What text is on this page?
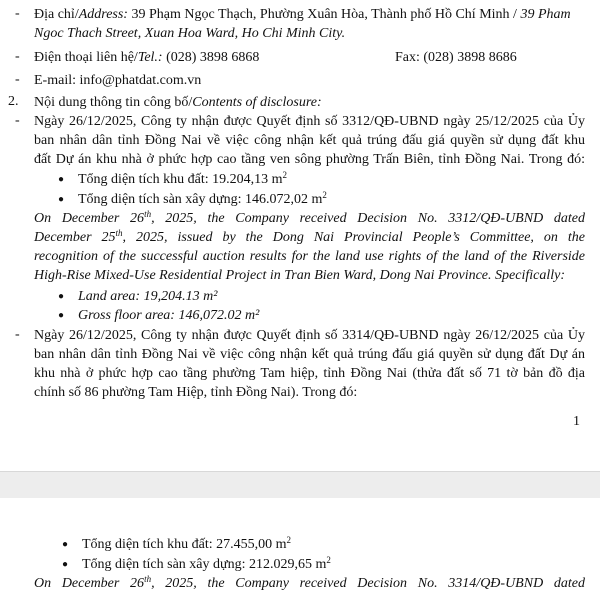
- Địa chỉ/Address: 39 Phạm Ngọc Thạch, Phường Xuân Hòa, Thành phố Hồ Chí Minh / 39 Pham
Ngoc Thach Street, Xuan Hoa Ward, Ho Chi Minh City.
- Điện thoại liên hệ/Tel.: (028) 3898 6868	Fax: (028) 3898 8686
- E-mail: info@phatdat.com.vn
2. Nội dung thông tin công bố/Contents of disclosure:
- Ngày 26/12/2025, Công ty nhận được Quyết định số 3312/QĐ-UBND ngày 25/12/2025 của Ủy
ban nhân dân tỉnh Đồng Nai về việc công nhận kết quả trúng đấu giá quyền sử dụng đất khu
đất Dự án khu nhà ở phức hợp cao tầng ven sông phường Trấn Biên, tỉnh Đồng Nai. Trong đó:
● Tổng diện tích khu đất: 19.204,13 $m^2$
● Tổng diện tích sàn xây dựng: 146.072,02 $m^2$
On December 26th, 2025, the Company received Decision No. 3312/QĐ-UBND dated
December 25th, 2025, issued by the Dong Nai Provincial People’s Committee, on the
recognition of the successful auction results for the land use rights of the land of the Riverside
High-Rise Mixed-Use Residential Project in Tran Bien Ward, Dong Nai Province. Specifically:
● Land area: 19,204.13 m²
● Gross floor area: 146,072.02 m²
- Ngày 26/12/2025, Công ty nhận được Quyết định số 3314/QĐ-UBND ngày 26/12/2025 của Ủy
ban nhân dân tỉnh Đồng Nai về việc công nhận kết quả trúng đấu giá quyền sử dụng đất Dự án
khu nhà ở phức hợp cao tầng phường Tam hiệp, tỉnh Đồng Nai (thửa đất số 71 tờ bản đồ địa
chính số 86 phường Tam Hiệp, tỉnh Đồng Nai). Trong đó:
1
● Tổng diện tích khu đất: 27.455,00 $m^2$
● Tổng diện tích sàn xây dựng: 212.029,65 $m^2$
On December 26th, 2025, the Company received Decision No. 3314/QĐ-UBND dated
